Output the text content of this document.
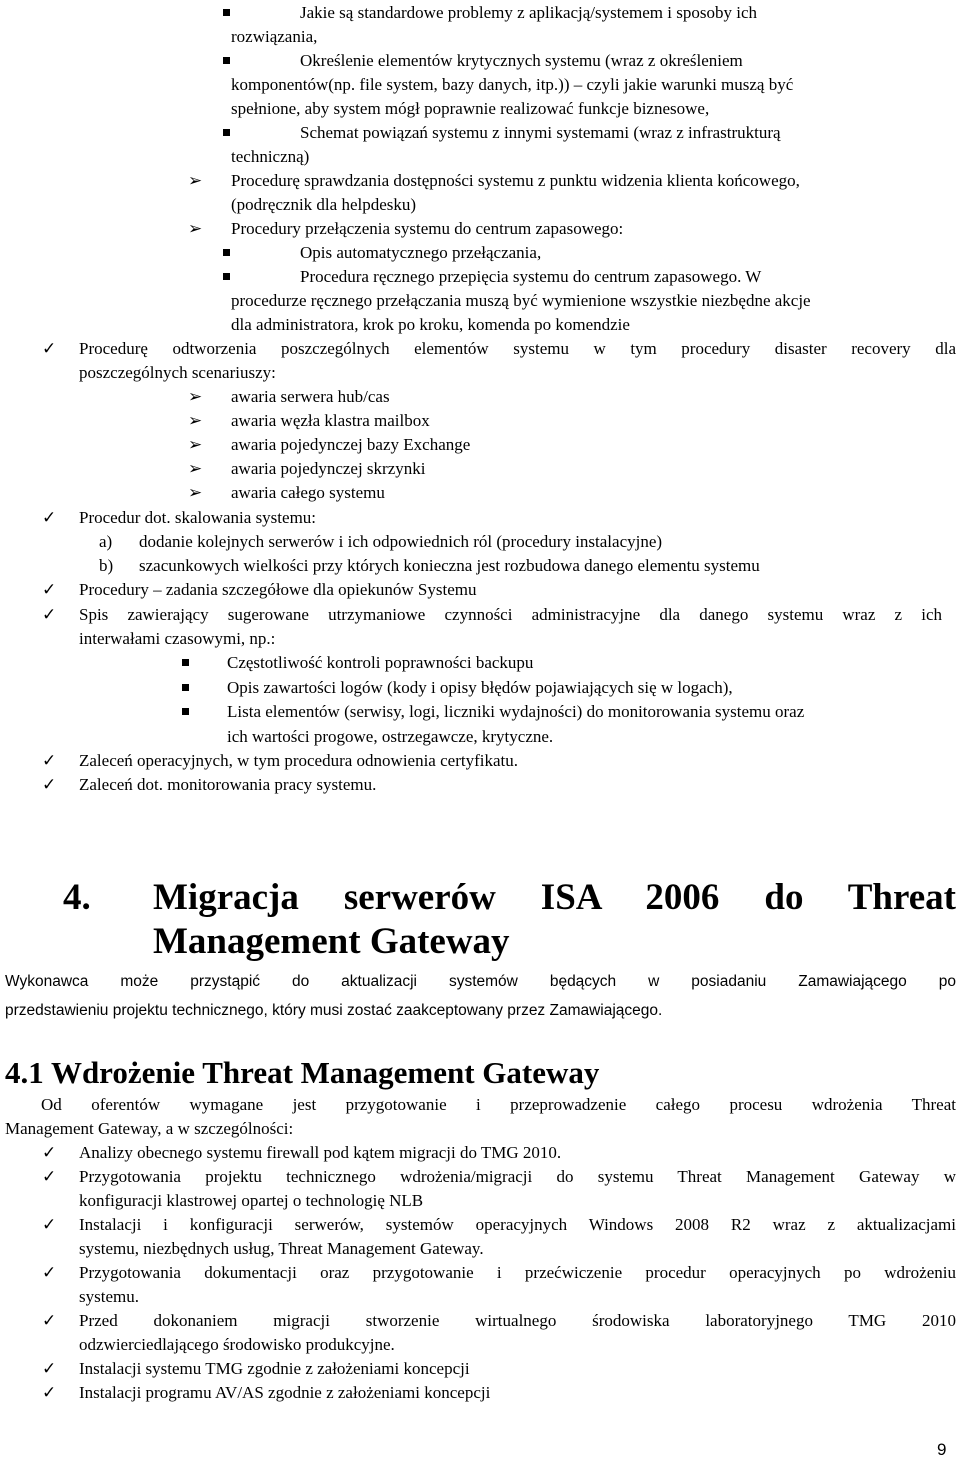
Jakie są standardowe problemy z aplikacją/systemem i sposoby ich
rozwiązania,
Określenie elementów krytycznych systemu (wraz z określeniem
komponentów(np. file system, bazy danych, itp.)) – czyli jakie warunki muszą być
spełnione, aby system mógł poprawnie realizować funkcje biznesowe,
Schemat powiązań systemu z innymi systemami (wraz z infrastrukturą
techniczną)
➢ Procedurę sprawdzania dostępności systemu z punktu widzenia klienta końcowego,
(podręcznik dla helpdesku)
➢ Procedury przełączenia systemu do centrum zapasowego:
Opis automatycznego przełączania,
Procedura ręcznego przepięcia systemu do centrum zapasowego. W
procedurze ręcznego przełączania muszą być wymienione wszystkie niezbędne akcje
dla administratora, krok po kroku, komenda po komendzie
✓ Procedurę odtworzenia poszczególnych elementów systemu w tym procedury disaster recovery dla
poszczególnych scenariuszy:
➢ awaria serwera hub/cas
➢ awaria węzła klastra mailbox
➢ awaria pojedynczej bazy Exchange
➢ awaria pojedynczej skrzynki
➢ awaria całego systemu
✓ Procedur dot. skalowania systemu:
a) dodanie kolejnych serwerów i ich odpowiednich ról (procedury instalacyjne)
b) szacunkowych wielkości przy których konieczna jest rozbudowa danego elementu systemu
✓ Procedury – zadania szczegółowe dla opiekunów Systemu
✓ Spis zawierający sugerowane utrzymaniowe czynności administracyjne dla danego systemu wraz z ich
interwałami czasowymi, np.:
Częstotliwość kontroli poprawności backupu
Opis zawartości logów (kody i opisy błędów pojawiających się w logach),
Lista elementów (serwisy, logi, liczniki wydajności) do monitorowania systemu oraz
ich wartości progowe, ostrzegawcze, krytyczne.
✓ Zaleceń operacyjnych, w tym procedura odnowienia certyfikatu.
✓ Zaleceń dot. monitorowania pracy systemu.
4. Migracja serwerów ISA 2006 do Threat
Management Gateway
Wykonawca może przystąpić do aktualizacji systemów będących w posiadaniu Zamawiającego po
przedstawieniu projektu technicznego, który musi zostać zaakceptowany przez Zamawiającego.
4.1 Wdrożenie Threat Management Gateway
Od oferentów wymagane jest przygotowanie i przeprowadzenie całego procesu wdrożenia Threat
Management Gateway, a w szczególności:
✓ Analizy obecnego systemu firewall pod kątem migracji do TMG 2010.
✓ Przygotowania projektu technicznego wdrożenia/migracji do systemu Threat Management Gateway w
konfiguracji klastrowej opartej o technologię NLB
✓ Instalacji i konfiguracji serwerów, systemów operacyjnych Windows 2008 R2 wraz z aktualizacjami
systemu, niezbędnych usług, Threat Management Gateway.
✓ Przygotowania dokumentacji oraz przygotowanie i przećwiczenie procedur operacyjnych po wdrożeniu
systemu.
✓ Przed dokonaniem migracji stworzenie wirtualnego środowiska laboratoryjnego TMG 2010
odzwierciedlającego środowisko produkcyjne.
✓ Instalacji systemu TMG zgodnie z założeniami koncepcji
✓ Instalacji programu AV/AS zgodnie z założeniami koncepcji
9
